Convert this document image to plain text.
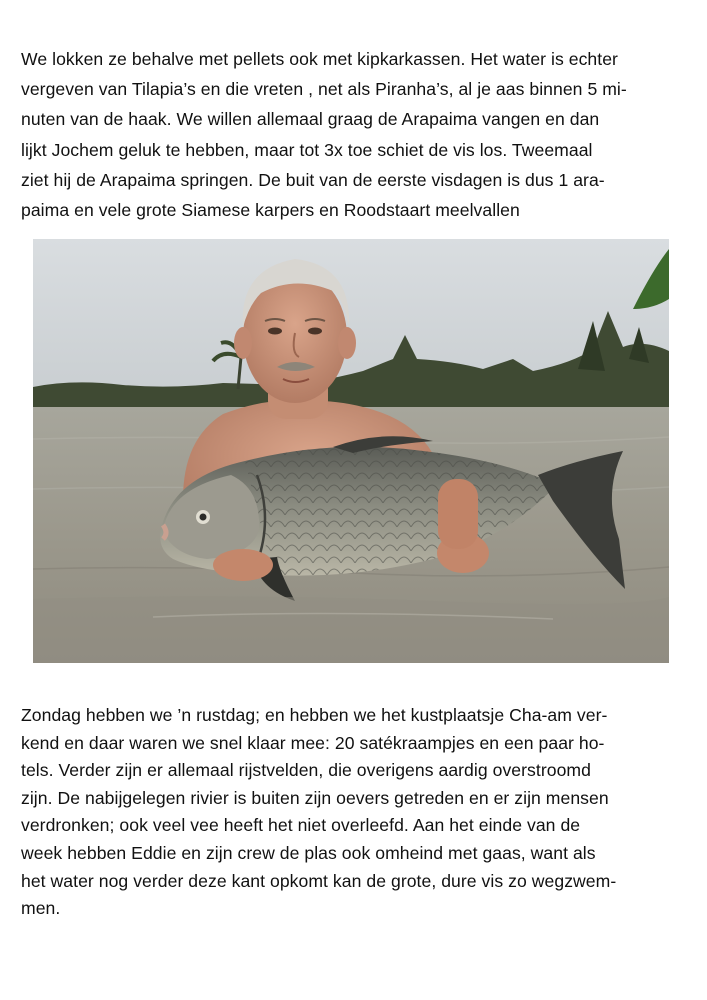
We lokken ze behalve met pellets ook met kipkarkassen. Het water is echter
vergeven van Tilapia’s en die vreten , net als Piranha’s, al je aas binnen 5 mi-
nuten van de haak. We willen allemaal graag de Arapaima vangen en dan
lijkt Jochem geluk te hebben, maar tot 3x toe schiet de vis los. Tweemaal
ziet hij de Arapaima springen. De buit van de eerste visdagen is dus 1 ara-
paima en vele grote Siamese karpers en Roodstaart meelvallen
Zondag hebben we ’n rustdag; en hebben we het kustplaatsje Cha-am ver-
kend en daar waren we snel klaar mee: 20 satékraampjes en een paar ho-
tels. Verder zijn er allemaal rijstvelden, die overigens aardig overstroomd
zijn. De nabijgelegen rivier is buiten zijn oevers getreden en er zijn mensen
verdronken; ook veel vee heeft het niet overleefd. Aan het einde van de
week hebben Eddie en zijn crew de plas ook omheind met gaas, want als
het water nog verder deze kant opkomt kan de grote, dure vis zo wegzwem-
men.
